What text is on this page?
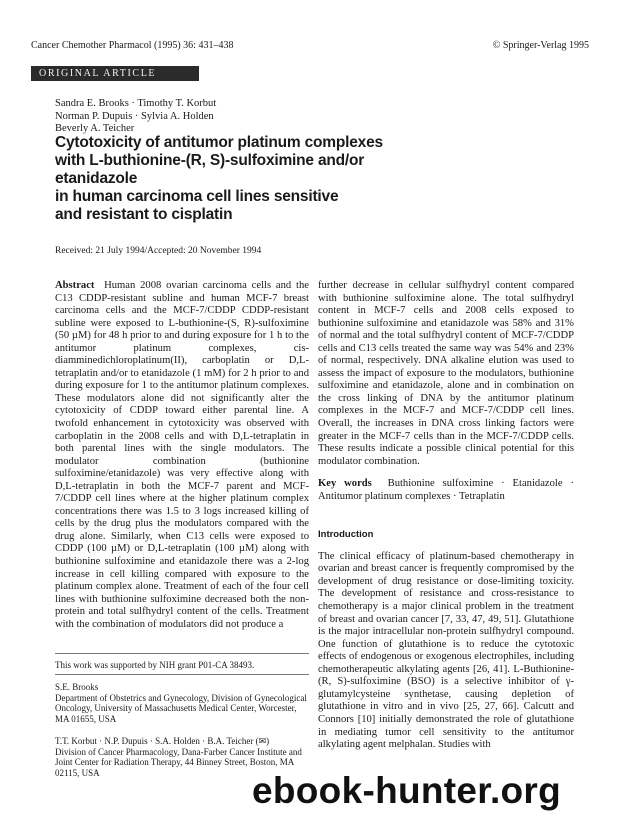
Cancer Chemother Pharmacol (1995) 36: 431–438	© Springer-Verlag 1995
ORIGINAL ARTICLE
Sandra E. Brooks · Timothy T. Korbut
Norman P. Dupuis · Sylvia A. Holden
Beverly A. Teicher
Cytotoxicity of antitumor platinum complexes
with L-buthionine-(R, S)-sulfoximine and/or etanidazole
in human carcinoma cell lines sensitive
and resistant to cisplatin
Received: 21 July 1994/Accepted: 20 November 1994

Abstract Human 2008 ovarian carcinoma cells and the C13 CDDP-resistant subline and human MCF-7 breast carcinoma cells and the MCF-7/CDDP CDDP-resistant subline were exposed to L-buthionine-(S, R)-sulfoximine (50 µM) for 48 h prior to and during exposure for 1 h to the antitumor platinum complexes, cis-diamminedichloroplatinum(II), carboplatin or D,L-tetraplatin and/or to etanidazole (1 mM) for 2 h prior to and during exposure for 1 to the antitumor platinum complexes. These modulators alone did not significantly alter the cytotoxicity of CDDP toward either parental line. A twofold enhancement in cytotoxicity was observed with carboplatin in the 2008 cells and with D,L-tetraplatin in both parental lines with the single modulators. The modulator combination (buthionine sulfoximine/etanidazole) was very effective along with D,L-tetraplatin in both the MCF-7 parent and MCF-7/CDDP cell lines where at the higher platinum complex concentrations there was 1.5 to 3 logs increased killing of cells by the drug plus the modulators compared with the drug alone. Similarly, when C13 cells were exposed to CDDP (100 µM) or D,L-tetraplatin (100 µM) along with buthionine sulfoximine and etanidazole there was a 2-log increase in cell killing compared with exposure to the platinum complex alone. Treatment of each of the four cell lines with buthionine sulfoximine decreased both the non-protein and total sulfhydryl content of the cells. Treatment with the combination of modulators did not produce a

This work was supported by NIH grant P01-CA 38493.
S.E. Brooks
Department of Obstetrics and Gynecology, Division of Gynecological Oncology, University of Massachusetts Medical Center, Worcester, MA 01655, USA
T.T. Korbut · N.P. Dupuis · S.A. Holden · B.A. Teicher (✉)
Division of Cancer Pharmacology, Dana-Farber Cancer Institute and Joint Center for Radiation Therapy, 44 Binney Street, Boston, MA 02115, USA

further decrease in cellular sulfhydryl content compared with buthionine sulfoximine alone. The total sulfhydryl content in MCF-7 cells and 2008 cells exposed to buthionine sulfoximine and etanidazole was 58% and 31% of normal and the total sulfhydryl content of MCF-7/CDDP cells and C13 cells treated the same way was 54% and 23% of normal, respectively. DNA alkaline elution was used to assess the impact of exposure to the modulators, buthionine sulfoximine and etanidazole, alone and in combination on the cross linking of DNA by the antitumor platinum complexes in the MCF-7 and MCF-7/CDDP cell lines. Overall, the increases in DNA cross linking factors were greater in the MCF-7 cells than in the MCF-7/CDDP cells. These results indicate a possible clinical potential for this modulator combination.

Key words Buthionine sulfoximine · Etanidazole · Antitumor platinum complexes · Tetraplatin

Introduction

The clinical efficacy of platinum-based chemotherapy in ovarian and breast cancer is frequently compromised by the development of drug resistance or dose-limiting toxicity. The development of resistance and cross-resistance to chemotherapy is a major clinical problem in the treatment of breast and ovarian cancer [7, 33, 47, 49, 51]. Glutathione is the major intracellular non-protein sulfhydryl compound. One function of glutathione is to reduce the cytotoxic effects of endogenous or exogenous electrophiles, including chemotherapeutic alkylating agents [26, 41]. L-Buthionine-(R, S)-sulfoximine (BSO) is a selective inhibitor of γ-glutamylcysteine synthetase, causing depletion of glutathione in vitro and in vivo [25, 27, 66]. Calcutt and Connors [10] initially demonstrated the role of glutathione in mediating tumor cell sensitivity to the antitumor alkylating agent melphalan. Studies with

ebook-hunter.org
